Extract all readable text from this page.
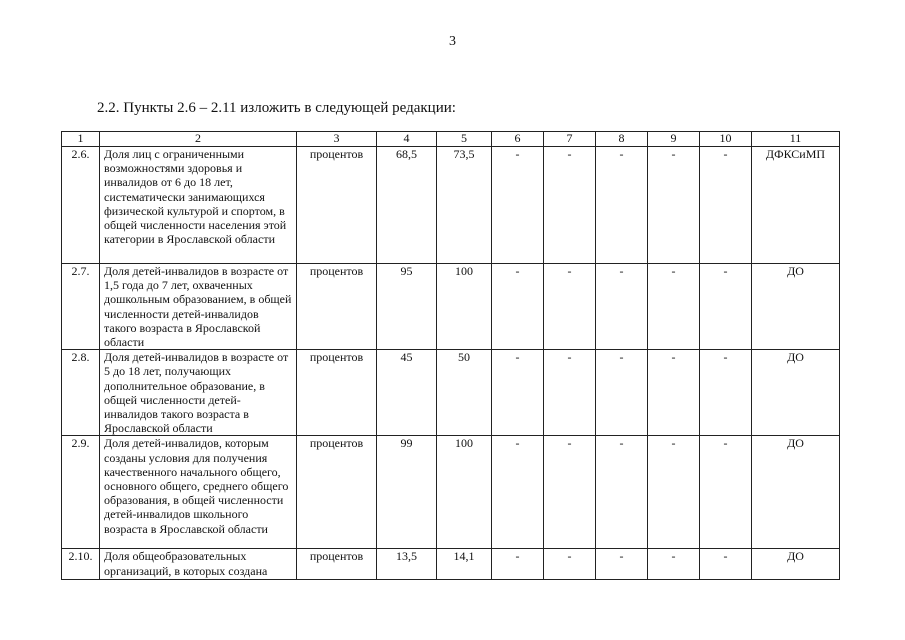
3
2.2. Пункты 2.6 – 2.11 изложить в следующей редакции:
1	2	3	4	5	6	7	8	9	10	11
2.6.	Доля лиц с ограниченными возможностями здоровья и инвалидов от 6 до 18 лет, систематически занимающихся физической культурой и спортом, в общей численности населения этой категории в Ярославской области	процентов	68,5	73,5	-	-	-	-	-	ДФКСиМП
2.7.	Доля детей-инвалидов в возрасте от 1,5 года до 7 лет, охваченных дошкольным образованием, в общей численности детей-инвалидов такого возраста в Ярославской области	процентов	95	100	-	-	-	-	-	ДО
2.8.	Доля детей-инвалидов в возрасте от 5 до 18 лет, получающих дополнительное образование, в общей численности детей-инвалидов такого возраста в Ярославской области	процентов	45	50	-	-	-	-	-	ДО
2.9.	Доля детей-инвалидов, которым созданы условия для получения качественного начального общего, основного общего, среднего общего образования, в общей численности детей-инвалидов школьного возраста в Ярославской области	процентов	99	100	-	-	-	-	-	ДО
2.10.	Доля общеобразовательных организаций, в которых создана	процентов	13,5	14,1	-	-	-	-	-	ДО
